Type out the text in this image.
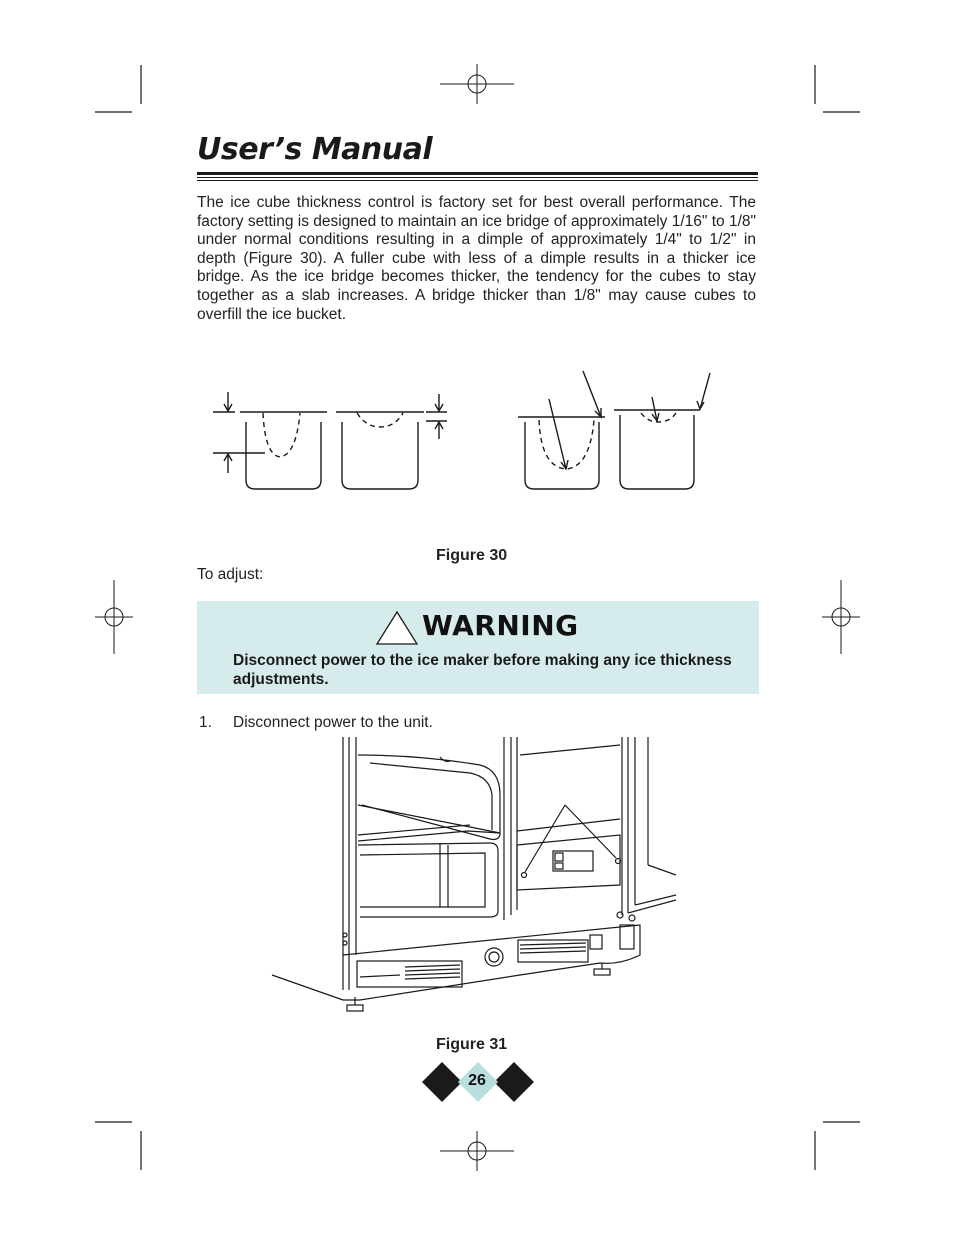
User’s Manual

The ice cube thickness control is factory set for best overall performance. The factory setting is designed to maintain an ice bridge of approximately 1/16" to 1/8" under normal conditions resulting in a dimple of approximately 1/4" to 1/2" in depth (Figure 30). A fuller cube with less of a dimple results in a thicker ice bridge. As the ice bridge becomes thicker, the tendency for the cubes to stay together as a slab increases. A bridge thicker than 1/8" may cause cubes to overfill the ice bucket.

Figure 30
To adjust:
WARNING

Disconnect power to the ice maker before making any ice thickness adjustments.

1. Disconnect power to the unit.
Figure 31
26
